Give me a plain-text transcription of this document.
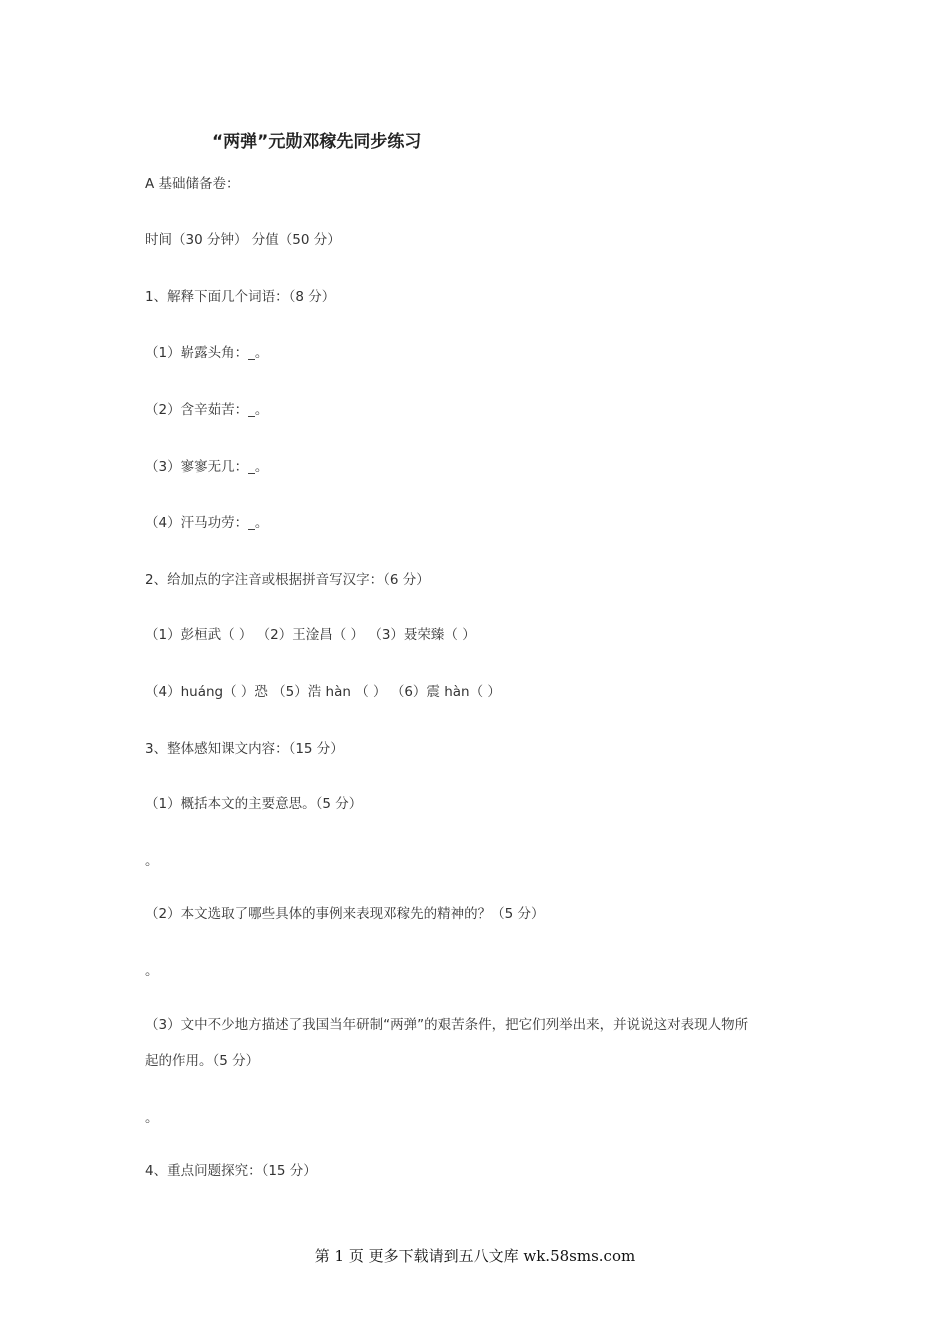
“两弹”元勋邓稼先同步练习
A 基础储备卷：
时间（30 分钟） 分值（50 分）
1、解释下面几个词语：（8 分）
（1）崭露头角：_。
（2）含辛茹苦：_。
（3）寥寥无几：_。
（4）汗马功劳：_。
2、给加点的字注音或根据拼音写汉字：（6 分）
（1）彭桓武（ ） （2）王淦昌（ ） （3）聂荣臻（ ）
（4）huáng（ ）恐 （5）浩 hàn （ ） （6）震 hàn（ ）
3、整体感知课文内容：（15 分）
（1）概括本文的主要意思。（5 分）
。
（2）本文选取了哪些具体的事例来表现邓稼先的精神的？（5 分）
。
（3）文中不少地方描述了我国当年研制“两弹”的艰苦条件，把它们列举出来，并说说这对表现人物所
起的作用。（5 分）
。
4、重点问题探究：（15 分）
第 1 页 更多下载请到五八文库 wk.58sms.com
